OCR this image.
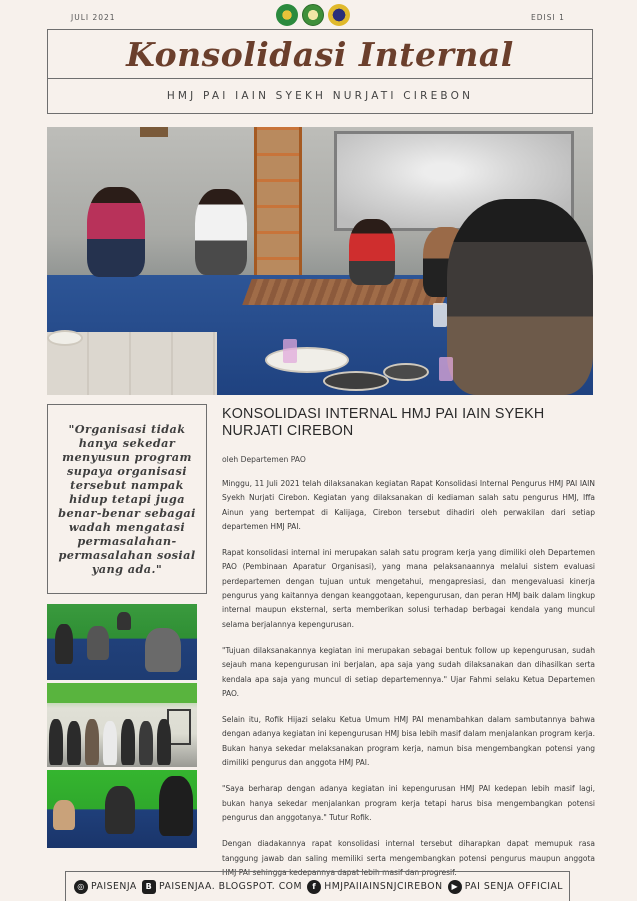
JULI 2021	EDISI 1
Konsolidasi Internal
HMJ PAI IAIN SYEKH NURJATI CIREBON

"Organisasi tidak hanya sekedar menyusun program supaya organisasi tersebut nampak hidup tetapi juga benar-benar sebagai wadah mengatasi permasalahan-permasalahan sosial yang ada."

KONSOLIDASI INTERNAL HMJ PAI IAIN SYEKH NURJATI CIREBON
oleh Departemen PAO

Minggu, 11 Juli 2021 telah dilaksanakan kegiatan Rapat Konsolidasi Internal Pengurus HMJ PAI IAIN Syekh Nurjati Cirebon. Kegiatan yang dilaksanakan di kediaman salah satu pengurus HMJ, Iffa Ainun yang bertempat di Kalijaga, Cirebon tersebut dihadiri oleh perwakilan dari setiap departemen HMJ PAI.

Rapat konsolidasi internal ini merupakan salah satu program kerja yang dimiliki oleh Departemen PAO (Pembinaan Aparatur Organisasi), yang mana pelaksanaannya melalui sistem evaluasi perdepartemen dengan tujuan untuk mengetahui, mengapresiasi, dan mengevaluasi kinerja pengurus yang kaitannya dengan keanggotaan, kepengurusan, dan peran HMJ baik dalam lingkup internal maupun eksternal, serta memberikan solusi terhadap berbagai kendala yang muncul selama berjalannya kepengurusan.

"Tujuan dilaksanakannya kegiatan ini merupakan sebagai bentuk follow up kepengurusan, sudah sejauh mana kepengurusan ini berjalan, apa saja yang sudah dilaksanakan dan dihasilkan serta kendala apa saja yang muncul di setiap departemennya." Ujar Fahmi selaku Ketua Departemen PAO.

Selain itu, Rofik Hijazi selaku Ketua Umum HMJ PAI menambahkan dalam sambutannya bahwa dengan adanya kegiatan ini kepengurusan HMJ bisa lebih masif dalam menjalankan program kerja. Bukan hanya sekedar melaksanakan program kerja, namun bisa mengembangkan potensi yang dimiliki pengurus dan anggota HMJ PAI.

"Saya berharap dengan adanya kegiatan ini kepengurusan HMJ PAI kedepan lebih masif lagi, bukan hanya sekedar menjalankan program kerja tetapi harus bisa mengembangkan potensi pengurus dan anggotanya." Tutur Rofik.

Dengan diadakannya rapat konsolidasi internal tersebut diharapkan dapat memupuk rasa tanggung jawab dan saling memiliki serta mengembangkan potensi pengurus maupun anggota HMJ PAI sehingga kedepannya dapat lebih masif dan progresif.

◎ PAISENJA	B PAISENJAA. BLOGSPOT. COM	f HMJPAIIAINSNJCIREBON	▶ PAI SENJA OFFICIAL
